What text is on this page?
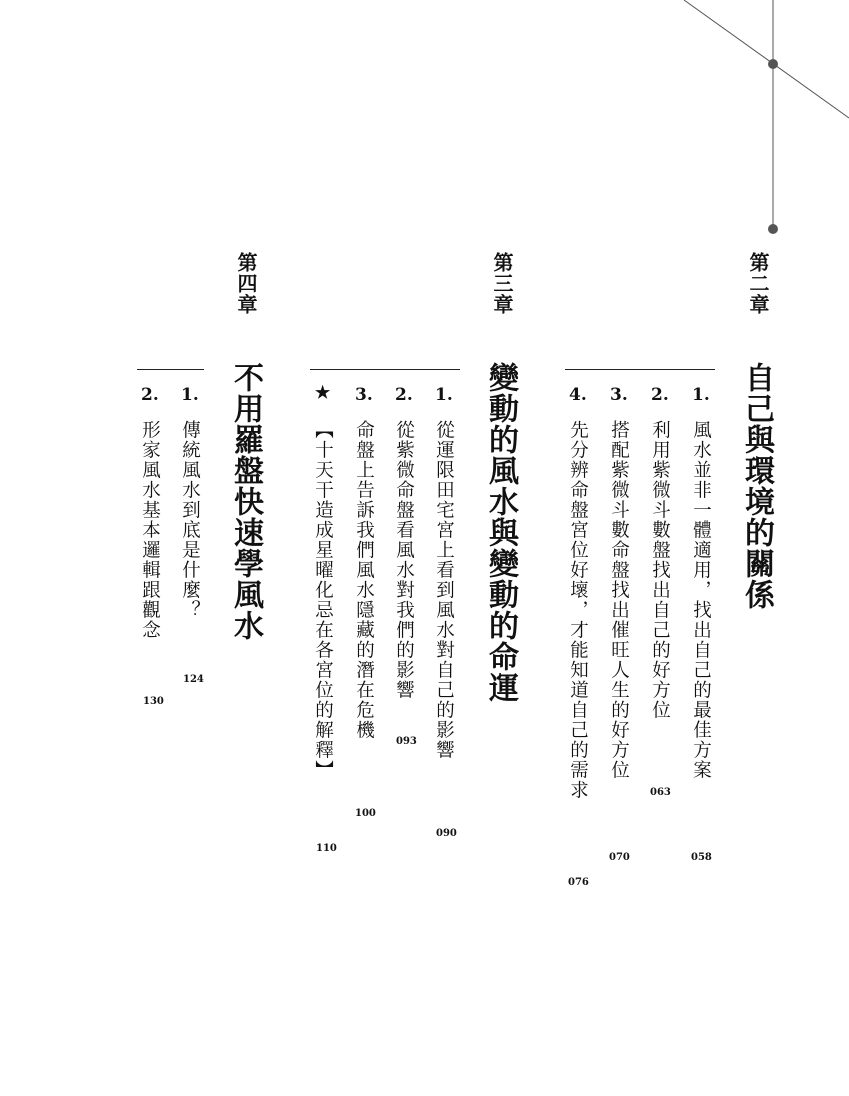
第二章
自己與環境的關係
1.
風水並非一體適用，找出自己的最佳方案
058
2.
利用紫微斗數盤找出自己的好方位
063
3.
搭配紫微斗數命盤找出催旺人生的好方位
070
4.
先分辨命盤宮位好壞，才能知道自己的需求
076
第三章
變動的風水與變動的命運
1.
從運限田宅宮上看到風水對自己的影響
090
2.
從紫微命盤看風水對我們的影響
093
3.
命盤上告訴我們風水隱藏的潛在危機
100
★
【十天干造成星曜化忌在各宮位的解釋】
110
第四章
不用羅盤快速學風水
1.
傳統風水到底是什麼？
124
2.
形家風水基本邏輯跟觀念
130
